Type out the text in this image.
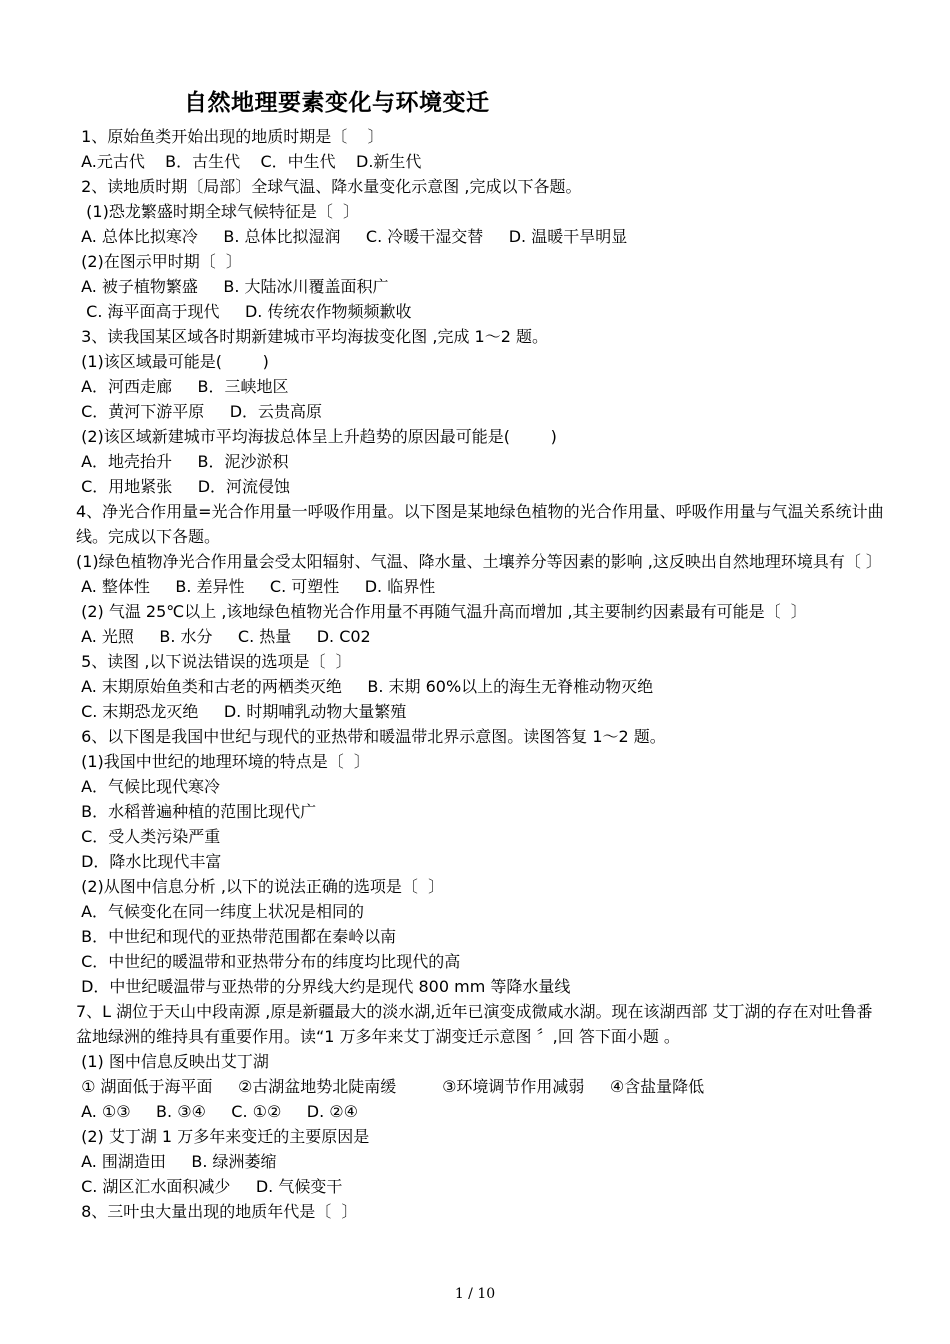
自然地理要素变化与环境变迁
1、原始鱼类开始出现的地质时期是〔    〕
A.元古代    B．古生代    C．中生代    D.新生代
2、读地质时期〔局部〕全球气温、降水量变化示意图 ,完成以下各题。
(1)恐龙繁盛时期全球气候特征是〔  〕
A. 总体比拟寒冷     B. 总体比拟湿润     C. 冷暖干湿交替     D. 温暖干旱明显
(2)在图示甲时期〔  〕
A. 被子植物繁盛     B. 大陆冰川覆盖面积广
C. 海平面高于现代     D. 传统农作物频频歉收
3、读我国某区域各时期新建城市平均海拔变化图 ,完成 1～2 题。
(1)该区域最可能是(        )
A．河西走廊     B．三峡地区
C．黄河下游平原     D．云贵高原
(2)该区域新建城市平均海拔总体呈上升趋势的原因最可能是(        )
A．地壳抬升     B．泥沙淤积
C．用地紧张     D．河流侵蚀
4、净光合作用量=光合作用量一呼吸作用量。以下图是某地绿色植物的光合作用量、呼吸作用量与气温关系统计曲线。完成以下各题。
(1)绿色植物净光合作用量会受太阳辐射、气温、降水量、土壤养分等因素的影响 ,这反映出自然地理环境具有〔 〕
A. 整体性     B. 差异性     C. 可塑性     D. 临界性
(2) 气温 25℃以上 ,该地绿色植物光合作用量不再随气温升高而增加 ,其主要制约因素最有可能是〔  〕
A. 光照     B. 水分     C. 热量     D. C02
5、读图 ,以下说法错误的选项是〔  〕
A. 末期原始鱼类和古老的两栖类灭绝     B. 末期 60%以上的海生无脊椎动物灭绝
C. 末期恐龙灭绝     D. 时期哺乳动物大量繁殖
6、以下图是我国中世纪与现代的亚热带和暖温带北界示意图。读图答复 1～2 题。
(1)我国中世纪的地理环境的特点是〔  〕
A．气候比现代寒冷
B．水稻普遍种植的范围比现代广
C．受人类污染严重
D．降水比现代丰富
(2)从图中信息分析 ,以下的说法正确的选项是〔  〕
A．气候变化在同一纬度上状况是相同的
B．中世纪和现代的亚热带范围都在秦岭以南
C．中世纪的暖温带和亚热带分布的纬度均比现代的高
D．中世纪暖温带与亚热带的分界线大约是现代 800 mm 等降水量线
7、L 湖位于天山中段南源 ,原是新疆最大的淡水湖,近年已演变成微咸水湖。现在该湖西部 艾丁湖的存在对吐鲁番盆地绿洲的维持具有重要作用。读“1 万多年来艾丁湖变迁示意图 〞,回 答下面小题 。
(1) 图中信息反映出艾丁湖
① 湖面低于海平面     ②古湖盆地势北陡南缓         ③环境调节作用减弱     ④含盐量降低
A. ①③     B. ③④     C. ①②     D. ②④
(2) 艾丁湖 1 万多年来变迁的主要原因是
A. 围湖造田     B. 绿洲萎缩
C. 湖区汇水面积减少     D. 气候变干
8、三叶虫大量出现的地质年代是〔  〕
1 / 10
